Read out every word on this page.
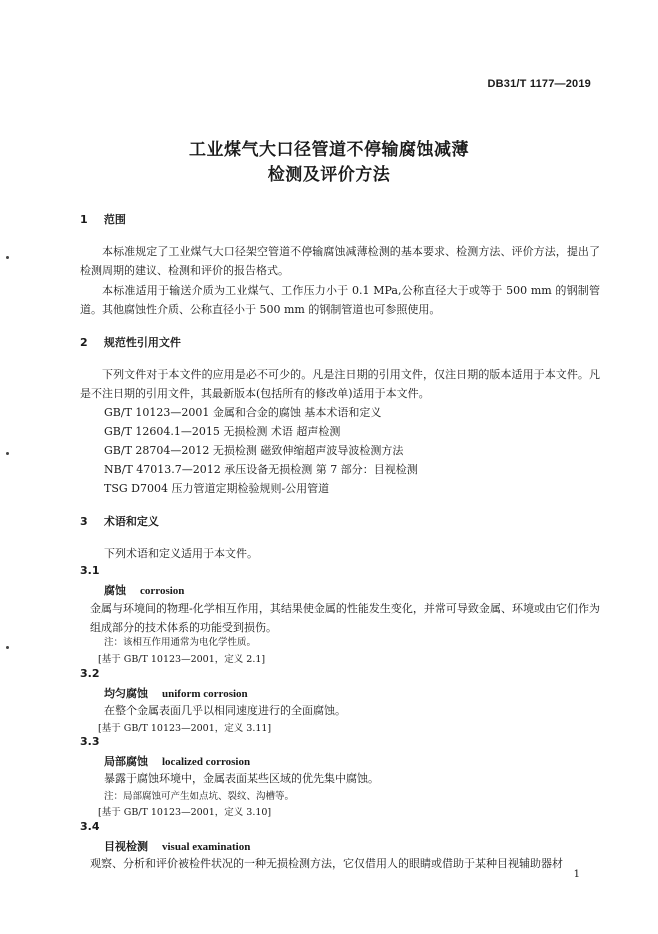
DB31/T 1177—2019
工业煤气大口径管道不停输腐蚀减薄
检测及评价方法
1 范围
本标准规定了工业煤气大口径架空管道不停输腐蚀减薄检测的基本要求、检测方法、评价方法，提出了检测周期的建议、检测和评价的报告格式。
本标准适用于输送介质为工业煤气、工作压力小于 0.1 MPa,公称直径大于或等于 500 mm 的钢制管道。其他腐蚀性介质、公称直径小于 500 mm 的钢制管道也可参照使用。
2 规范性引用文件
下列文件对于本文件的应用是必不可少的。凡是注日期的引用文件，仅注日期的版本适用于本文件。凡是不注日期的引用文件，其最新版本(包括所有的修改单)适用于本文件。
GB/T 10123—2001 金属和合金的腐蚀 基本术语和定义
GB/T 12604.1—2015 无损检测 术语 超声检测
GB/T 28704—2012 无损检测 磁致伸缩超声波导波检测方法
NB/T 47013.7—2012 承压设备无损检测 第 7 部分：目视检测
TSG D7004 压力管道定期检验规则-公用管道
3 术语和定义
下列术语和定义适用于本文件。
3.1
腐蚀 corrosion
金属与环境间的物理-化学相互作用，其结果使金属的性能发生变化，并常可导致金属、环境或由它们作为组成部分的技术体系的功能受到损伤。
注：该相互作用通常为电化学性质。
[基于 GB/T 10123—2001，定义 2.1]
3.2
均匀腐蚀 uniform corrosion
在整个金属表面几乎以相同速度进行的全面腐蚀。
[基于 GB/T 10123—2001，定义 3.11]
3.3
局部腐蚀 localized corrosion
暴露于腐蚀环境中，金属表面某些区域的优先集中腐蚀。
注：局部腐蚀可产生如点坑、裂纹、沟槽等。
[基于 GB/T 10123—2001，定义 3.10]
3.4
目视检测 visual examination
观察、分析和评价被检件状况的一种无损检测方法，它仅借用人的眼睛或借助于某种目视辅助器材
1
